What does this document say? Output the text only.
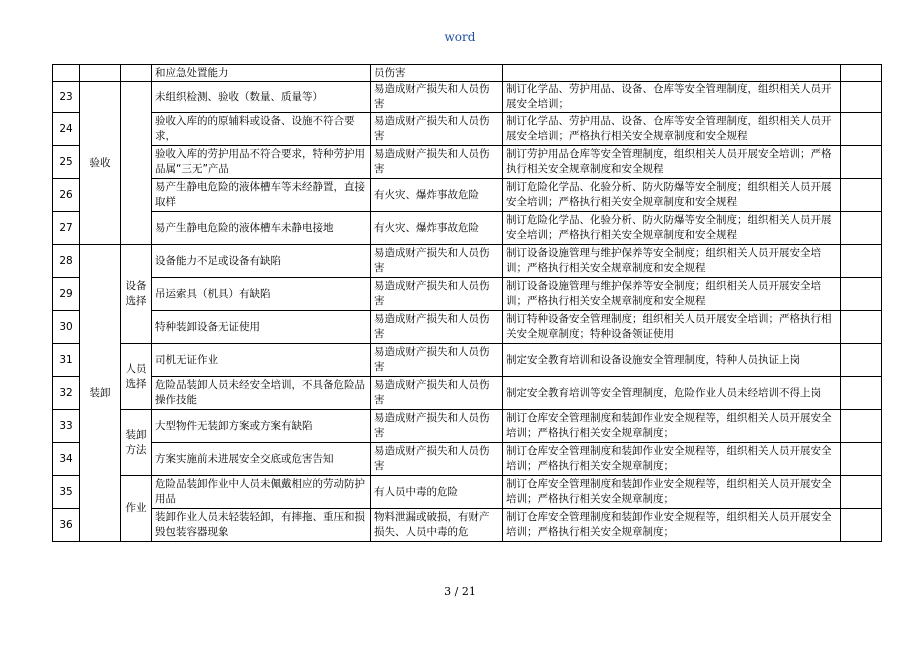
word
			和应急处置能力	员伤害		
23	验收		未组织检测、验收（数量、质量等）	易造成财产损失和人员伤害	制订化学品、劳护用品、设备、仓库等安全管理制度，组织相关人员开展安全培训；	
24			验收入库的的原辅料或设备、设施不符合要求，	易造成财产损失和人员伤害	制订化学品、劳护用品、设备、仓库等安全管理制度，组织相关人员开展安全培训；严格执行相关安全规章制度和安全规程	
25			验收入库的劳护用品不符合要求，特种劳护用品属“三无”产品	易造成财产损失和人员伤害	制订劳护用品仓库等安全管理制度，组织相关人员开展安全培训；严格执行相关安全规章制度和安全规程	
26			易产生静电危险的液体槽车等未经静置，直接取样	有火灾、爆炸事故危险	制订危险化学品、化验分析、防火防爆等安全制度；组织相关人员开展安全培训；严格执行相关安全规章制度和安全规程	
27			易产生静电危险的液体槽车未静电接地	有火灾、爆炸事故危险	制订危险化学品、化验分析、防火防爆等安全制度；组织相关人员开展安全培训；严格执行相关安全规章制度和安全规程	
28	装卸	设备选择	设备能力不足或设备有缺陷	易造成财产损失和人员伤害	制订设备设施管理与维护保养等安全制度；组织相关人员开展安全培训；严格执行相关安全规章制度和安全规程	
29			吊运索具（机具）有缺陷	易造成财产损失和人员伤害	制订设备设施管理与维护保养等安全制度；组织相关人员开展安全培训；严格执行相关安全规章制度和安全规程	
30			特种装卸设备无证使用	易造成财产损失和人员伤害	制订特种设备安全管理制度；组织相关人员开展安全培训；严格执行相关安全规章制度；特种设备领证使用	
31		人员选择	司机无证作业	易造成财产损失和人员伤害	制定安全教育培训和设备设施安全管理制度，特种人员执证上岗	
32			危险品装卸人员未经安全培训，不具备危险品操作技能	易造成财产损失和人员伤害	制定安全教育培训等安全管理制度，危险作业人员未经培训不得上岗	
33		装卸方法	大型物件无装卸方案或方案有缺陷	易造成财产损失和人员伤害	制订仓库安全管理制度和装卸作业安全规程等，组织相关人员开展安全培训；严格执行相关安全规章制度；	
34			方案实施前未进展安全交底或危害告知	易造成财产损失和人员伤害	制订仓库安全管理制度和装卸作业安全规程等，组织相关人员开展安全培训；严格执行相关安全规章制度；	
35		作业	危险品装卸作业中人员未佩戴相应的劳动防护用品	有人员中毒的危险	制订仓库安全管理制度和装卸作业安全规程等，组织相关人员开展安全培训；严格执行相关安全规章制度；	
36			装卸作业人员未轻装轻卸，有摔拖、重压和损毁包装容器现象	物料泄漏或破损，有财产损失、人员中毒的危	制订仓库安全管理制度和装卸作业安全规程等，组织相关人员开展安全培训；严格执行相关安全规章制度；	
3 / 21
